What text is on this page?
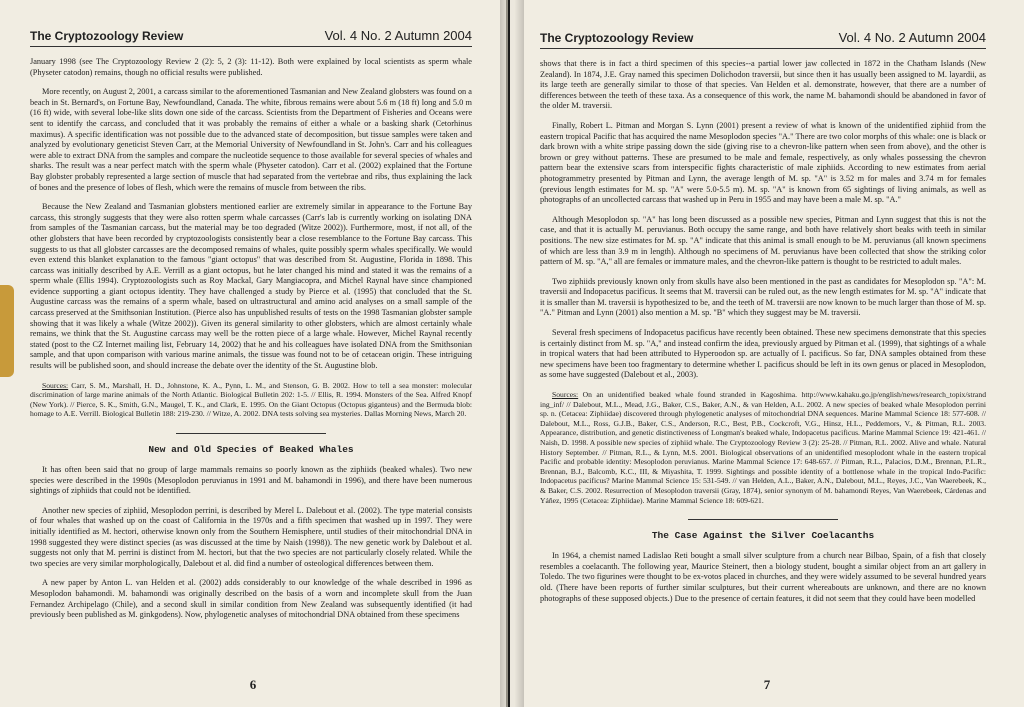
The Cryptozoology Review	Vol. 4 No. 2 Autumn 2004

January 1998 (see The Cryptozoology Review 2 (2): 5, 2 (3): 11-12). Both were explained by local scientists as sperm whale (Physeter catodon) remains, though no official results were published.

More recently, on August 2, 2001, a carcass similar to the aforementioned Tasmanian and New Zealand globsters was found on a beach in St. Bernard's, on Fortune Bay, Newfoundland, Canada. The white, fibrous remains were about 5.6 m (18 ft) long and 5.0 m (16 ft) wide, with several lobe-like slits down one side of the carcass. Scientists from the Department of Fisheries and Oceans were sent to identify the carcass, and concluded that it was probably the remains of either a whale or a basking shark (Cetorhinus maximus). A specific identification was not possible due to the advanced state of decomposition, but tissue samples were taken and analyzed by evolutionary geneticist Steven Carr, at the Memorial University of Newfoundland in St. John's. Carr and his colleagues were able to extract DNA from the samples and compare the nucleotide sequence to those available for several species of whales and sharks. The result was a near perfect match with the sperm whale (Physeter catodon). Carr et al. (2002) explained that the Fortune Bay globster probably represented a large section of muscle that had separated from the vertebrae and ribs, thus explaining the lack of bones and the presence of lobes of flesh, which were the remains of muscle from between the ribs.

Because the New Zealand and Tasmanian globsters mentioned earlier are extremely similar in appearance to the Fortune Bay carcass, this strongly suggests that they were also rotten sperm whale carcasses (Carr's lab is currently working on isolating DNA from samples of the Tasmanian carcass, but the material may be too degraded (Witze 2002)). Furthermore, most, if not all, of the other globsters that have been recorded by cryptozoologists consistently bear a close resemblance to the Fortune Bay carcass. This suggests to us that all globster carcasses are the decomposed remains of whales, quite possibly sperm whales specifically. We would even extend this blanket explanation to the famous "giant octopus" that was described from St. Augustine, Florida in 1898. This carcass was initially described by A.E. Verrill as a giant octopus, but he later changed his mind and stated it was the remains of a sperm whale (Ellis 1994). Cryptozoologists such as Roy Mackal, Gary Mangiacopra, and Michel Raynal have since championed evidence supporting a giant octopus identity. They have challenged a study by Pierce et al. (1995) that concluded that the St. Augustine carcass was the remains of a sperm whale, based on ultrastructural and amino acid analyses on a small sample of the carcass preserved at the Smithsonian Institution. (Pierce also has unpublished results of tests on the 1998 Tasmanian globster sample showing that it was likely a whale (Witze 2002)). Given its general similarity to other globsters, which are almost certainly whale remains, we think that the St. Augustine carcass may well be the rotten piece of a large whale. However, Michel Raynal recently stated (post to the CZ Internet mailing list, February 14, 2002) that he and his colleagues have isolated DNA from the Smithsonian sample, and that upon comparison with various marine animals, the tissue was found not to be of cetacean origin. These intriguing results will be published soon, and should increase the debate over the identity of the St. Augustine blob.

Sources: Carr, S. M., Marshall, H. D., Johnstone, K. A., Pynn, L. M., and Stenson, G. B. 2002. How to tell a sea monster: molecular discrimination of large marine animals of the North Atlantic. Biological Bulletin 202: 1-5. // Ellis, R. 1994. Monsters of the Sea. Alfred Knopf (New York). // Pierce, S. K., Smith, G.N., Maugel, T. K., and Clark, E. 1995. On the Giant Octopus (Octopus giganteus) and the Bermuda blob: homage to A.E. Verrill. Biological Bulletin 188: 219-230. // Witze, A. 2002. DNA tests solving sea mysteries. Dallas Morning News, March 20.

New and Old Species of Beaked Whales

It has often been said that no group of large mammals remains so poorly known as the ziphiids (beaked whales). Two new species were described in the 1990s (Mesoplodon peruvianus in 1991 and M. bahamondi in 1996), and there have been numerous sightings of ziphiids that could not be identified.

Another new species of ziphiid, Mesoplodon perrini, is described by Merel L. Dalebout et al. (2002). The type material consists of four whales that washed up on the coast of California in the 1970s and a fifth specimen that washed up in 1997. They were initially identified as M. hectori, otherwise known only from the Southern Hemisphere, until studies of their mitochondrial DNA in 1998 suggested they were distinct species (as was discussed at the time by Naish (1998)). The new genetic work by Dalebout et al. suggests not only that M. perrini is distinct from M. hectori, but that the two species are not particularly closely related. While the two species are very similar morphologically, Dalebout et al. did find a number of osteological differences between them.

A new paper by Anton L. van Helden et al. (2002) adds considerably to our knowledge of the whale described in 1996 as Mesoplodon bahamondi. M. bahamondi was originally described on the basis of a worn and incomplete skull from the Juan Fernandez Archipelago (Chile), and a second skull in similar condition from New Zealand was subsequently identified (it had previously been published as M. ginkgodens). Now, phylogenetic analyses of mitochondrial DNA obtained from these specimens

6
The Cryptozoology Review	Vol. 4 No. 2 Autumn 2004

shows that there is in fact a third specimen of this species--a partial lower jaw collected in 1872 in the Chatham Islands (New Zealand). In 1874, J.E. Gray named this specimen Dolichodon traversii, but since then it has usually been assigned to M. layardii, as its large teeth are generally similar to those of that species. Van Helden et al. demonstrate, however, that there are a number of differences between the teeth of these taxa. As a consequence of this work, the name M. bahamondi should be abandoned in favor of the older M. traversii.

Finally, Robert L. Pitman and Morgan S. Lynn (2001) present a review of what is known of the unidentified ziphiid from the eastern tropical Pacific that has acquired the name Mesoplodon species "A." There are two color morphs of this whale: one is black or dark brown with a white stripe passing down the side (giving rise to a chevron-like pattern when seen from above), and the other is brown or grey without patterns. These are presumed to be male and female, respectively, as only whales possessing the chevron pattern bear the extensive scars from interspecific fights characteristic of male ziphiids. According to new estimates from aerial photogrammetry presented by Pitman and Lynn, the average length of M. sp. "A" is 3.52 m for males and 3.74 m for females (previous length estimates for M. sp. "A" were 5.0-5.5 m). M. sp. "A" is known from 65 sightings of living animals, as well as photographs of an uncollected carcass that washed up in Peru in 1955 and may have been a male M. sp. "A."

Although Mesoplodon sp. "A" has long been discussed as a possible new species, Pitman and Lynn suggest that this is not the case, and that it is actually M. peruvianus. Both occupy the same range, and both have relatively short beaks with teeth in similar positions. The new size estimates for M. sp. "A" indicate that this animal is small enough to be M. peruvianus (all known specimens of which are less than 3.9 m in length). Although no specimens of M. peruvianus have been collected that show the striking color pattern of M. sp. "A," all are females or immature males, and the chevron-like pattern is thought to be restricted to adult males.

Two ziphiids previously known only from skulls have also been mentioned in the past as candidates for Mesoplodon sp. "A": M. traversii and Indopacetus pacificus. It seems that M. traversii can be ruled out, as the new length estimates for M. sp. "A" indicate that it is smaller than M. traversii is hypothesized to be, and the teeth of M. traversii are now known to be much larger than those of M. sp. "A." Pitman and Lynn (2001) also mention a M. sp. "B" which they suggest may be M. traversii.

Several fresh specimens of Indopacetus pacificus have recently been obtained. These new specimens demonstrate that this species is certainly distinct from M. sp. "A," and instead confirm the idea, previously argued by Pitman et al. (1999), that sightings of a whale in tropical waters that had been attributed to Hyperoodon sp. are actually of I. pacificus. So far, DNA samples obtained from these new specimens have been too fragmentary to determine whether I. pacificus should be left in its own genus or placed in Mesoplodon, as some have suggested (Dalebout et al., 2003).

Sources: On an unidentified beaked whale found stranded in Kagoshima. http://www.kahaku.go.jp/english/news/research_topix/strand ing_inf/ // Dalebout, M.L., Mead, J.G., Baker, C.S., Baker, A.N., & van Helden, A.L. 2002. A new species of beaked whale Mesoplodon perrini sp. n. (Cetacea: Ziphiidae) discovered through phylogenetic analyses of mitochondrial DNA sequences. Marine Mammal Science 18: 577-608. // Dalebout, M.L., Ross, G.J.B., Baker, C.S., Anderson, R.C., Best, P.B., Cockcroft, V.G., Hinsz, H.L., Peddemors, V., & Pitman, R.L. 2003. Appearance, distribution, and genetic distinctiveness of Longman's beaked whale, Indopacetus pacificus. Marine Mammal Science 19: 421-461. // Naish, D. 1998. A possible new species of ziphiid whale. The Cryptozoology Review 3 (2): 25-28. // Pitman, R.L. 2002. Alive and whale. Natural History September. // Pitman, R.L., & Lynn, M.S. 2001. Biological observations of an unidentified mesoplodont whale in the eastern tropical Pacific and probable identity: Mesoplodon peruvianus. Marine Mammal Science 17: 648-657. // Pitman, R.L., Palacios, D.M., Brennan, P.L.R., Brennan, B.J., Balcomb, K.C., III, & Miyashita, T. 1999. Sightings and possible identity of a bottlenose whale in the tropical Indo-Pacific: Indopacetus pacificus? Marine Mammal Science 15: 531-549. // van Helden, A.L., Baker, A.N., Dalebout, M.L., Reyes, J.C., Van Waerebeek, K., & Baker, C.S. 2002. Resurrection of Mesoplodon traversii (Gray, 1874), senior synonym of M. bahamondi Reyes, Van Waerebeek, Cárdenas and Yáñez, 1995 (Cetacea: Ziphiidae). Marine Mammal Science 18: 609-621.

The Case Against the Silver Coelacanths

In 1964, a chemist named Ladislao Reti bought a small silver sculpture from a church near Bilbao, Spain, of a fish that closely resembles a coelacanth. The following year, Maurice Steinert, then a biology student, bought a similar object from an art gallery in Toledo. The two figurines were thought to be ex-votos placed in churches, and they were widely assumed to be several hundred years old. (There have been reports of further similar sculptures, but their current whereabouts are unknown, and there are no known photographs of these supposed objects.) Due to the presence of certain features, it did not seem that they could have been modelled

7
